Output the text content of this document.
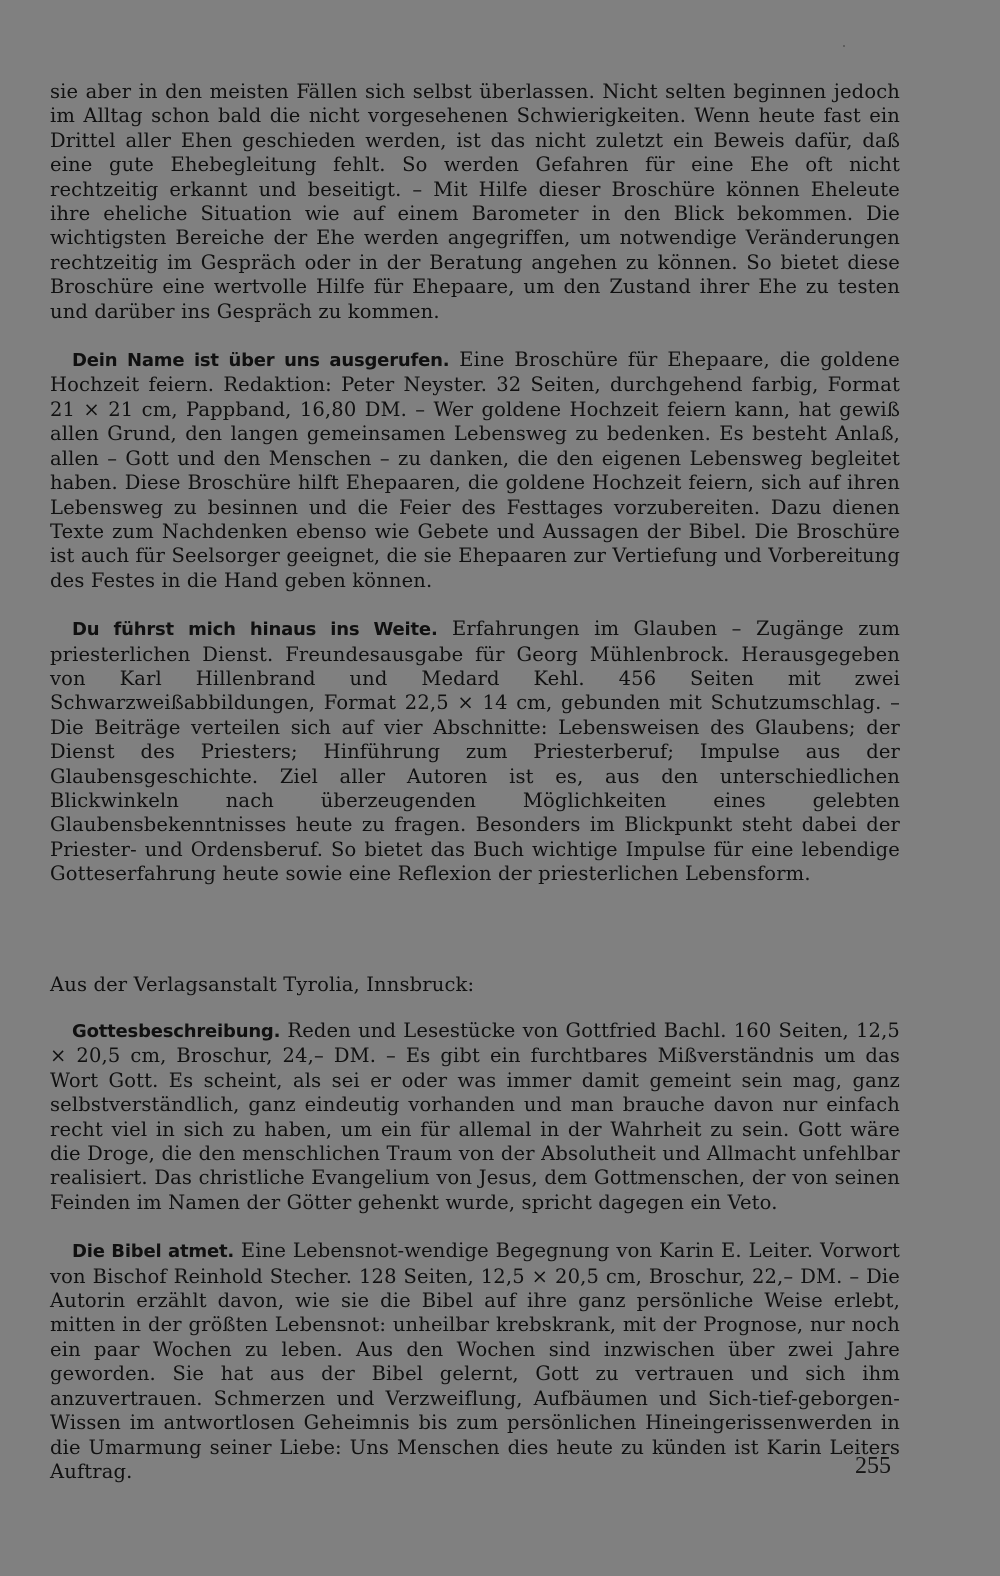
sie aber in den meisten Fällen sich selbst überlassen. Nicht selten beginnen jedoch im Alltag schon bald die nicht vorgesehenen Schwierigkeiten. Wenn heute fast ein Drittel aller Ehen geschieden werden, ist das nicht zuletzt ein Beweis dafür, daß eine gute Ehebegleitung fehlt. So werden Gefahren für eine Ehe oft nicht rechtzeitig erkannt und beseitigt. – Mit Hilfe dieser Broschüre können Eheleute ihre eheliche Situation wie auf einem Barometer in den Blick bekommen. Die wichtigsten Bereiche der Ehe werden angegriffen, um notwendige Veränderungen rechtzeitig im Gespräch oder in der Beratung angehen zu können. So bietet diese Broschüre eine wertvolle Hilfe für Ehepaare, um den Zustand ihrer Ehe zu testen und darüber ins Gespräch zu kommen.

Dein Name ist über uns ausgerufen. Eine Broschüre für Ehepaare, die goldene Hochzeit feiern. Redaktion: Peter Neyster. 32 Seiten, durchgehend farbig, Format 21 × 21 cm, Pappband, 16,80 DM. – Wer goldene Hochzeit feiern kann, hat gewiß allen Grund, den langen gemeinsamen Lebensweg zu bedenken. Es besteht Anlaß, allen – Gott und den Menschen – zu danken, die den eigenen Lebensweg begleitet haben. Diese Broschüre hilft Ehepaaren, die goldene Hochzeit feiern, sich auf ihren Lebensweg zu besinnen und die Feier des Festtages vorzubereiten. Dazu dienen Texte zum Nachdenken ebenso wie Gebete und Aussagen der Bibel. Die Broschüre ist auch für Seelsorger geeignet, die sie Ehepaaren zur Vertiefung und Vorbereitung des Festes in die Hand geben können.

Du führst mich hinaus ins Weite. Erfahrungen im Glauben – Zugänge zum priesterlichen Dienst. Freundesausgabe für Georg Mühlenbrock. Herausgegeben von Karl Hillenbrand und Medard Kehl. 456 Seiten mit zwei Schwarzweißabbildungen, Format 22,5 × 14 cm, gebunden mit Schutzumschlag. – Die Beiträge verteilen sich auf vier Abschnitte: Lebensweisen des Glaubens; der Dienst des Priesters; Hinführung zum Priesterberuf; Impulse aus der Glaubensgeschichte. Ziel aller Autoren ist es, aus den unterschiedlichen Blickwinkeln nach überzeugenden Möglichkeiten eines gelebten Glaubensbekenntnisses heute zu fragen. Besonders im Blickpunkt steht dabei der Priester- und Ordensberuf. So bietet das Buch wichtige Impulse für eine lebendige Gotteserfahrung heute sowie eine Reflexion der priesterlichen Lebensform.

Aus der Verlagsanstalt Tyrolia, Innsbruck:

Gottesbeschreibung. Reden und Lesestücke von Gottfried Bachl. 160 Seiten, 12,5 × 20,5 cm, Broschur, 24,– DM. – Es gibt ein furchtbares Mißverständnis um das Wort Gott. Es scheint, als sei er oder was immer damit gemeint sein mag, ganz selbstverständlich, ganz eindeutig vorhanden und man brauche davon nur einfach recht viel in sich zu haben, um ein für allemal in der Wahrheit zu sein. Gott wäre die Droge, die den menschlichen Traum von der Absolutheit und Allmacht unfehlbar realisiert. Das christliche Evangelium von Jesus, dem Gottmenschen, der von seinen Feinden im Namen der Götter gehenkt wurde, spricht dagegen ein Veto.

Die Bibel atmet. Eine Lebensnot-wendige Begegnung von Karin E. Leiter. Vorwort von Bischof Reinhold Stecher. 128 Seiten, 12,5 × 20,5 cm, Broschur, 22,– DM. – Die Autorin erzählt davon, wie sie die Bibel auf ihre ganz persönliche Weise erlebt, mitten in der größten Lebensnot: unheilbar krebskrank, mit der Prognose, nur noch ein paar Wochen zu leben. Aus den Wochen sind inzwischen über zwei Jahre geworden. Sie hat aus der Bibel gelernt, Gott zu vertrauen und sich ihm anzuvertrauen. Schmerzen und Verzweiflung, Aufbäumen und Sich-tief-geborgen-Wissen im antwortlosen Geheimnis bis zum persönlichen Hineingerissenwerden in die Umarmung seiner Liebe: Uns Menschen dies heute zu künden ist Karin Leiters Auftrag.	255
